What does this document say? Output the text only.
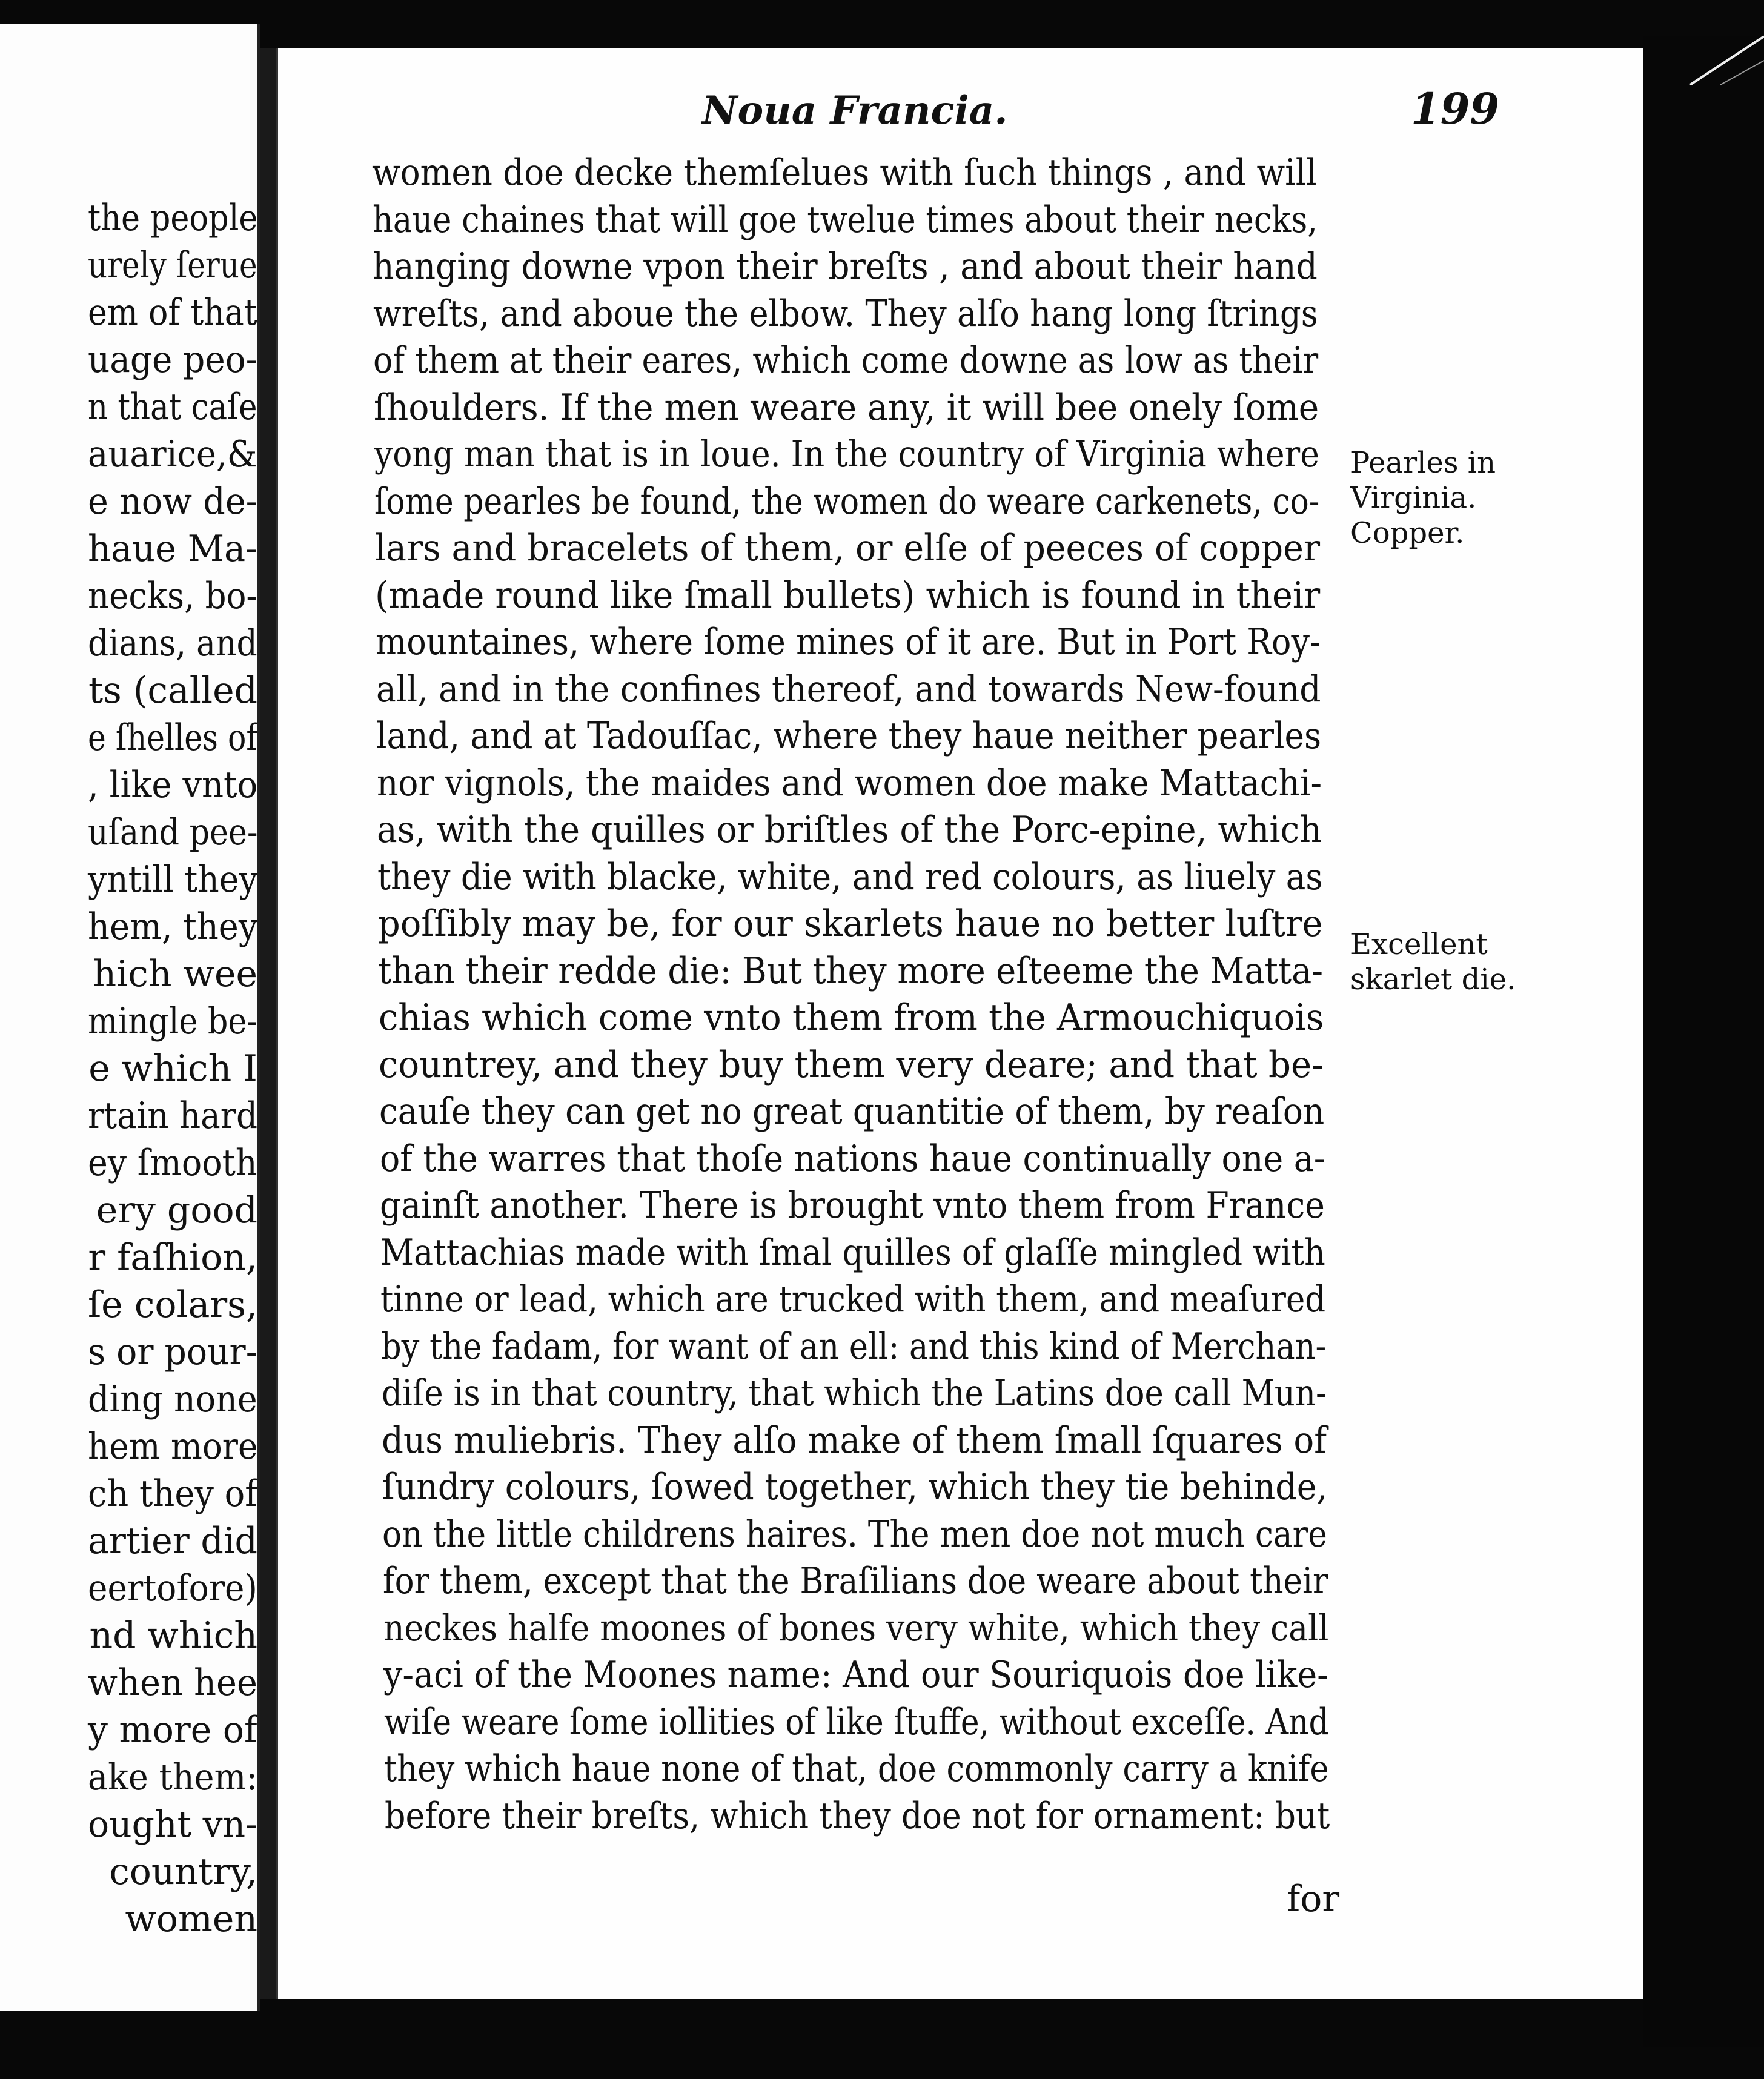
the people
urely ſerue
em of that
uage peo-
n that caſe
auarice,&
e now de-
haue Ma-
necks, bo-
dians, and
ts (called
e ſhelles of
, like vnto
uſand pee-
yntill they
hem, they
hich wee
mingle be-
e which I
rtain hard
ey ſmooth
ery good
r faſhion,
ſe colars,
s or pour-
ding none
hem more
ch they of
artier did
eertofore)
nd which
when hee
y more of
ake them:
ought vn-
country,
women
Noua Francia.	199
women doe decke themſelues with ſuch things , and will
haue chaines that will goe twelue times about their necks,
hanging downe vpon their breſts , and about their hand
wreſts, and aboue the elbow. They alſo hang long ſtrings
of them at their eares, which come downe as low as their
ſhoulders. If the men weare any, it will bee onely ſome
yong man that is in loue. In the country of Virginia where
ſome pearles be found, the women do weare carkenets, co-
lars and bracelets of them, or elſe of peeces of copper
(made round like ſmall bullets) which is found in their
mountaines, where ſome mines of it are. But in Port Roy-
all, and in the confines thereof, and towards New-found
land, and at Tadouſſac, where they haue neither pearles
nor vignols, the maides and women doe make Mattachi-
as, with the quilles or briſtles of the Porc-epine, which
they die with blacke, white, and red colours, as liuely as
poſſibly may be, for our skarlets haue no better luſtre
than their redde die: But they more eſteeme the Matta-
chias which come vnto them from the Armouchiquois
countrey, and they buy them very deare; and that be-
cauſe they can get no great quantitie of them, by reaſon
of the warres that thoſe nations haue continually one a-
gainſt another. There is brought vnto them from France
Mattachias made with ſmal quilles of glaſſe mingled with
tinne or lead, which are trucked with them, and meaſured
by the fadam, for want of an ell: and this kind of Merchan-
diſe is in that country, that which the Latins doe call Mun-
dus muliebris. They alſo make of them ſmall ſquares of
ſundry colours, ſowed together, which they tie behinde,
on the little childrens haires. The men doe not much care
for them, except that the Braſilians doe weare about their
neckes halfe moones of bones very white, which they call
y-aci of the Moones name: And our Souriquois doe like-
wiſe weare ſome iollities of like ſtuffe, without exceſſe. And
they which haue none of that, doe commonly carry a knife
before their breſts, which they doe not for ornament: but
Pearles in
Virginia.
Copper.
Excellent
skarlet die.
for
